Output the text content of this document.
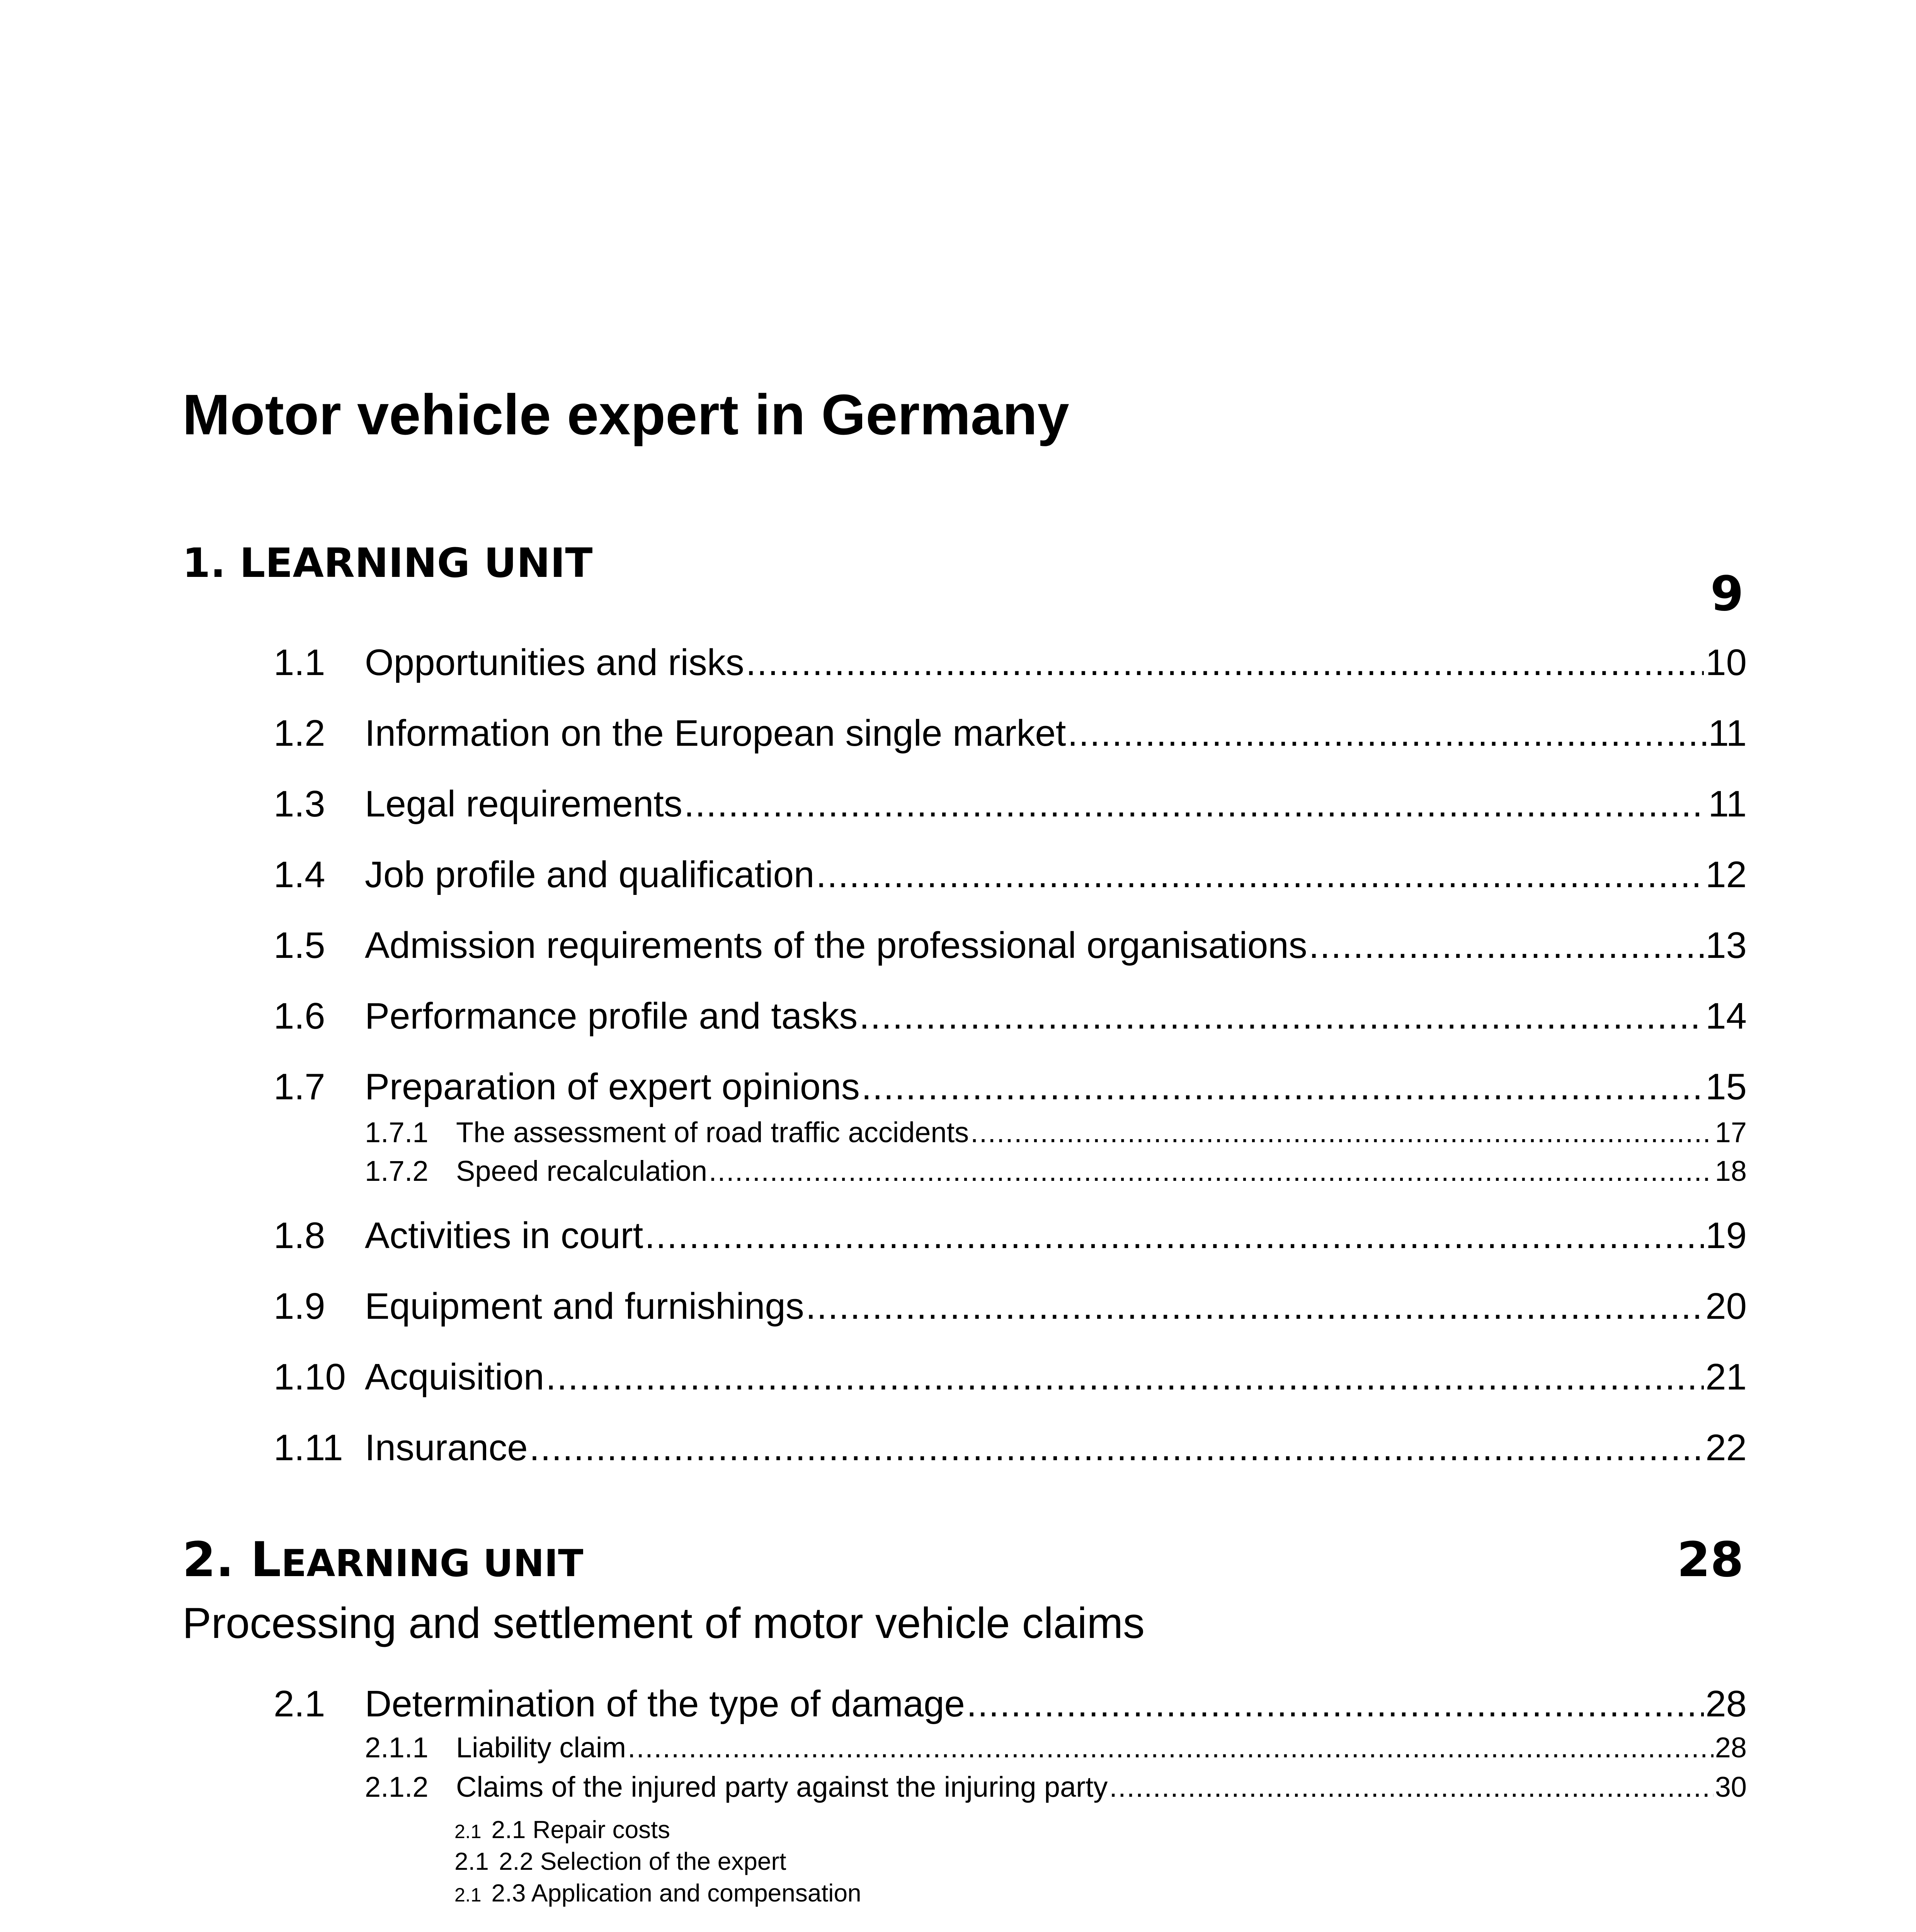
Motor vehicle expert in Germany
1. LEARNING UNIT
9
1.1	Opportunities and risks .....	10
1.2	Information on the European single market .....	11
1.3	Legal requirements .....	11
1.4	Job profile and qualification .....	12
1.5	Admission requirements of the professional organisations .....	13
1.6	Performance profile and tasks .....	14
1.7	Preparation of expert opinions .....	15
1.7.1 The assessment of road traffic accidents .....	17
1.7.2 Speed recalculation .....	18
1.8	Activities in court .....	19
1.9	Equipment and furnishings .....	20
1.10 Acquisition .....	21
1.11 Insurance .....	22
2. LEARNING UNIT	28
Processing and settlement of motor vehicle claims
2.1	Determination of the type of damage .....	28
2.1.1 Liability claim .....	28
2.1.2 Claims of the injured party against the injuring party .....	30
2.1 2.1 Repair costs
2.1 2.2 Selection of the expert
2.1 2.3 Application and compensation
